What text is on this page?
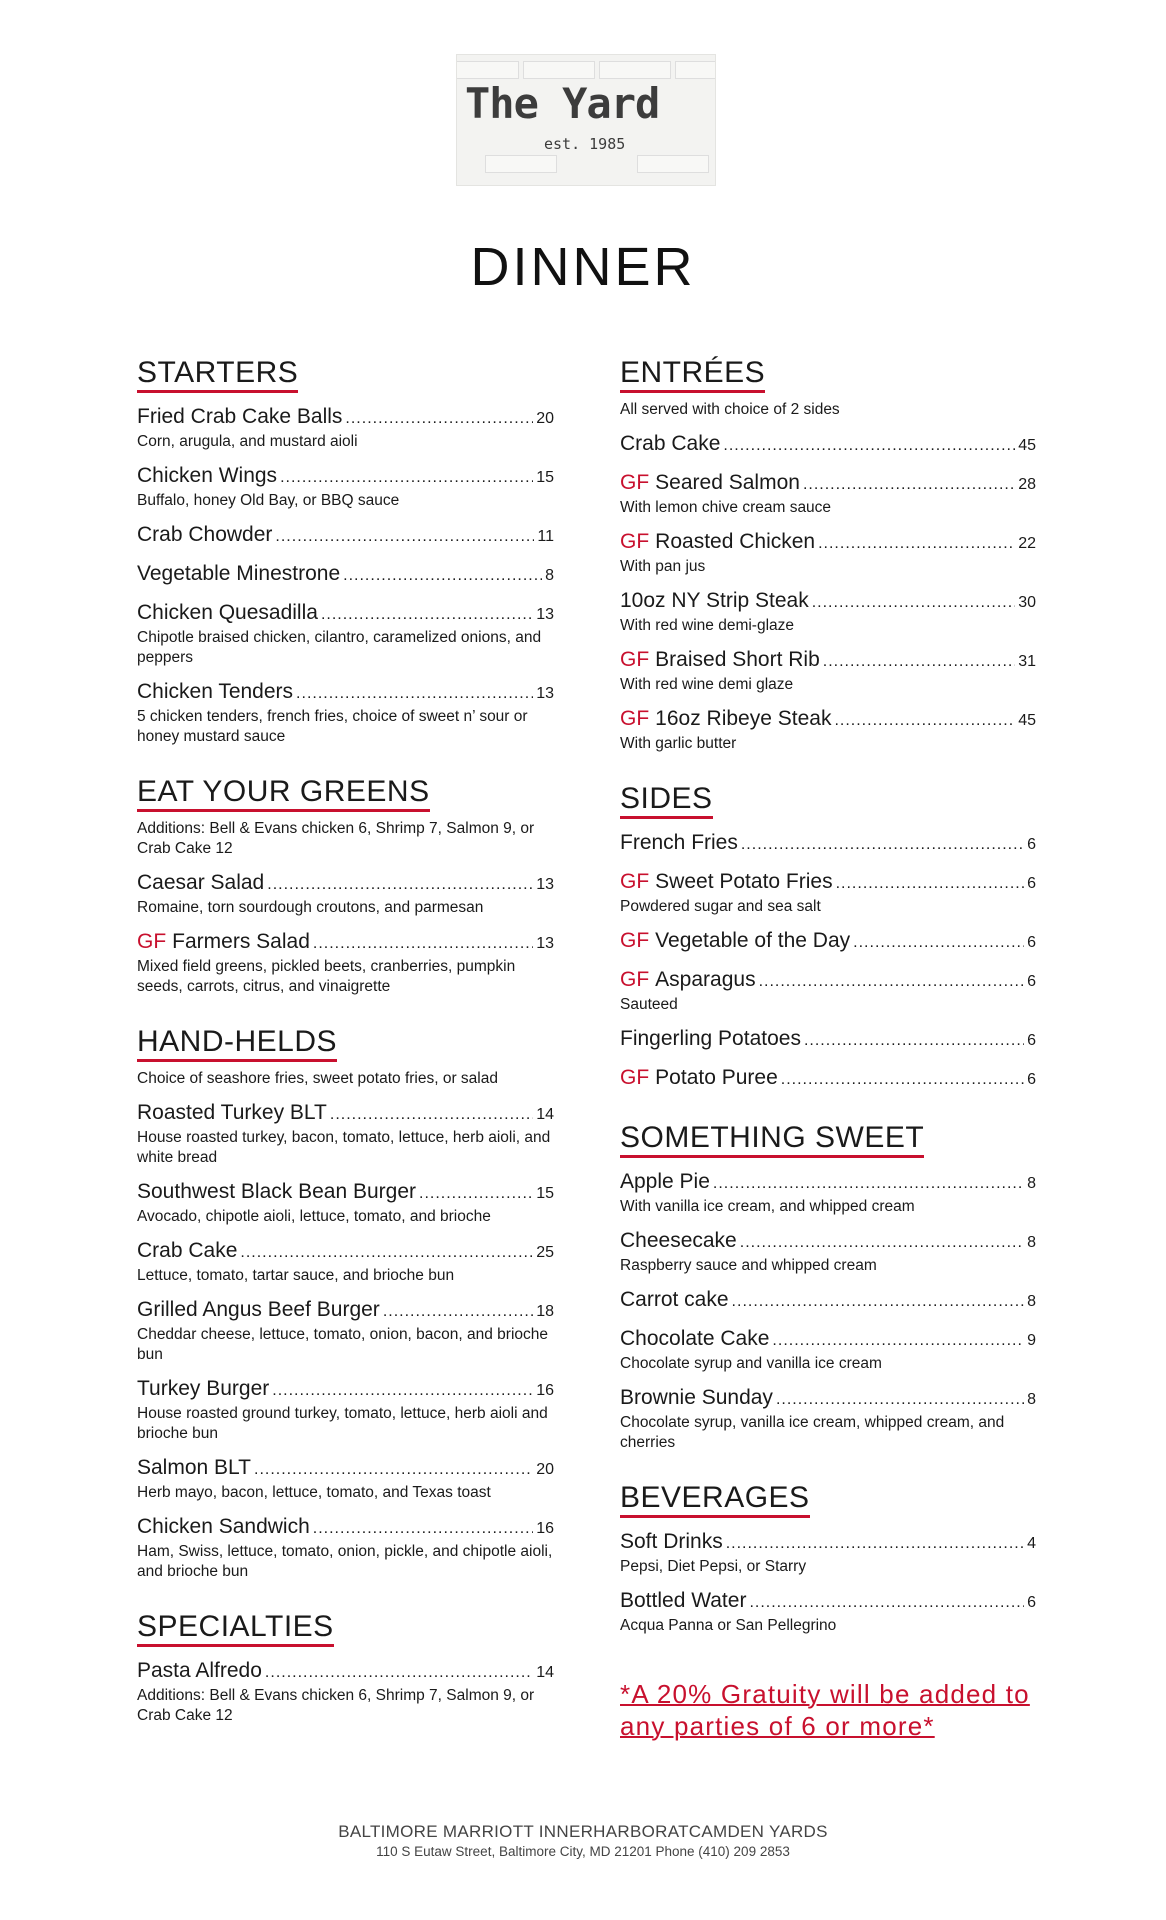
The Yard
est. 1985
DINNER
STARTERS
Fried Crab Cake Balls .....	20
Corn, arugula, and mustard aioli
Chicken Wings .....	15
Buffalo, honey Old Bay, or BBQ sauce
Crab Chowder .....	11
Vegetable Minestrone .....	8
Chicken Quesadilla .....	13
Chipotle braised chicken, cilantro, caramelized onions, and peppers
Chicken Tenders .....	13
5 chicken tenders, french fries, choice of sweet n’ sour or honey mustard sauce
EAT YOUR GREENS
Additions: Bell & Evans chicken 6, Shrimp 7, Salmon 9, or Crab Cake 12
Caesar Salad .....	13
Romaine, torn sourdough croutons, and parmesan
GF Farmers Salad .....	13
Mixed field greens, pickled beets, cranberries, pumpkin seeds, carrots, citrus, and vinaigrette
HAND-HELDS
Choice of seashore fries, sweet potato fries, or salad
Roasted Turkey BLT .....	14
House roasted turkey, bacon, tomato, lettuce, herb aioli, and white bread
Southwest Black Bean Burger .....	15
Avocado, chipotle aioli, lettuce, tomato, and brioche
Crab Cake .....	25
Lettuce, tomato, tartar sauce, and brioche bun
Grilled Angus Beef Burger .....	18
Cheddar cheese, lettuce, tomato, onion, bacon, and brioche bun
Turkey Burger .....	16
House roasted ground turkey, tomato, lettuce, herb aioli and brioche bun
Salmon BLT .....	20
Herb mayo, bacon, lettuce, tomato, and Texas toast
Chicken Sandwich .....	16
Ham, Swiss, lettuce, tomato, onion, pickle, and chipotle aioli, and brioche bun
SPECIALTIES
Pasta Alfredo .....	14
Additions: Bell & Evans chicken 6, Shrimp 7, Salmon 9, or Crab Cake 12
ENTRÉES
All served with choice of 2 sides
Crab Cake .....	45
GF Seared Salmon .....	28
With lemon chive cream sauce
GF Roasted Chicken .....	22
With pan jus
10oz NY Strip Steak .....	30
With red wine demi-glaze
GF Braised Short Rib .....	31
With red wine demi glaze
GF 16oz Ribeye Steak .....	45
With garlic butter
SIDES
French Fries .....	6
GF Sweet Potato Fries .....	6
Powdered sugar and sea salt
GF Vegetable of the Day .....	6
GF Asparagus .....	6
Sauteed
Fingerling Potatoes .....	6
GF Potato Puree .....	6
SOMETHING SWEET
Apple Pie .....	8
With vanilla ice cream, and whipped cream
Cheesecake .....	8
Raspberry sauce and whipped cream
Carrot cake .....	8
Chocolate Cake .....	9
Chocolate syrup and vanilla ice cream
Brownie Sunday .....	8
Chocolate syrup, vanilla ice cream, whipped cream, and cherries
BEVERAGES
Soft Drinks .....	4
Pepsi, Diet Pepsi, or Starry
Bottled Water .....	6
Acqua Panna or San Pellegrino
*A 20% Gratuity will be added to any parties of 6 or more*
BALTIMORE MARRIOTT INNERHARBORATCAMDEN YARDS
110 S Eutaw Street, Baltimore City, MD 21201 Phone (410) 209 2853
